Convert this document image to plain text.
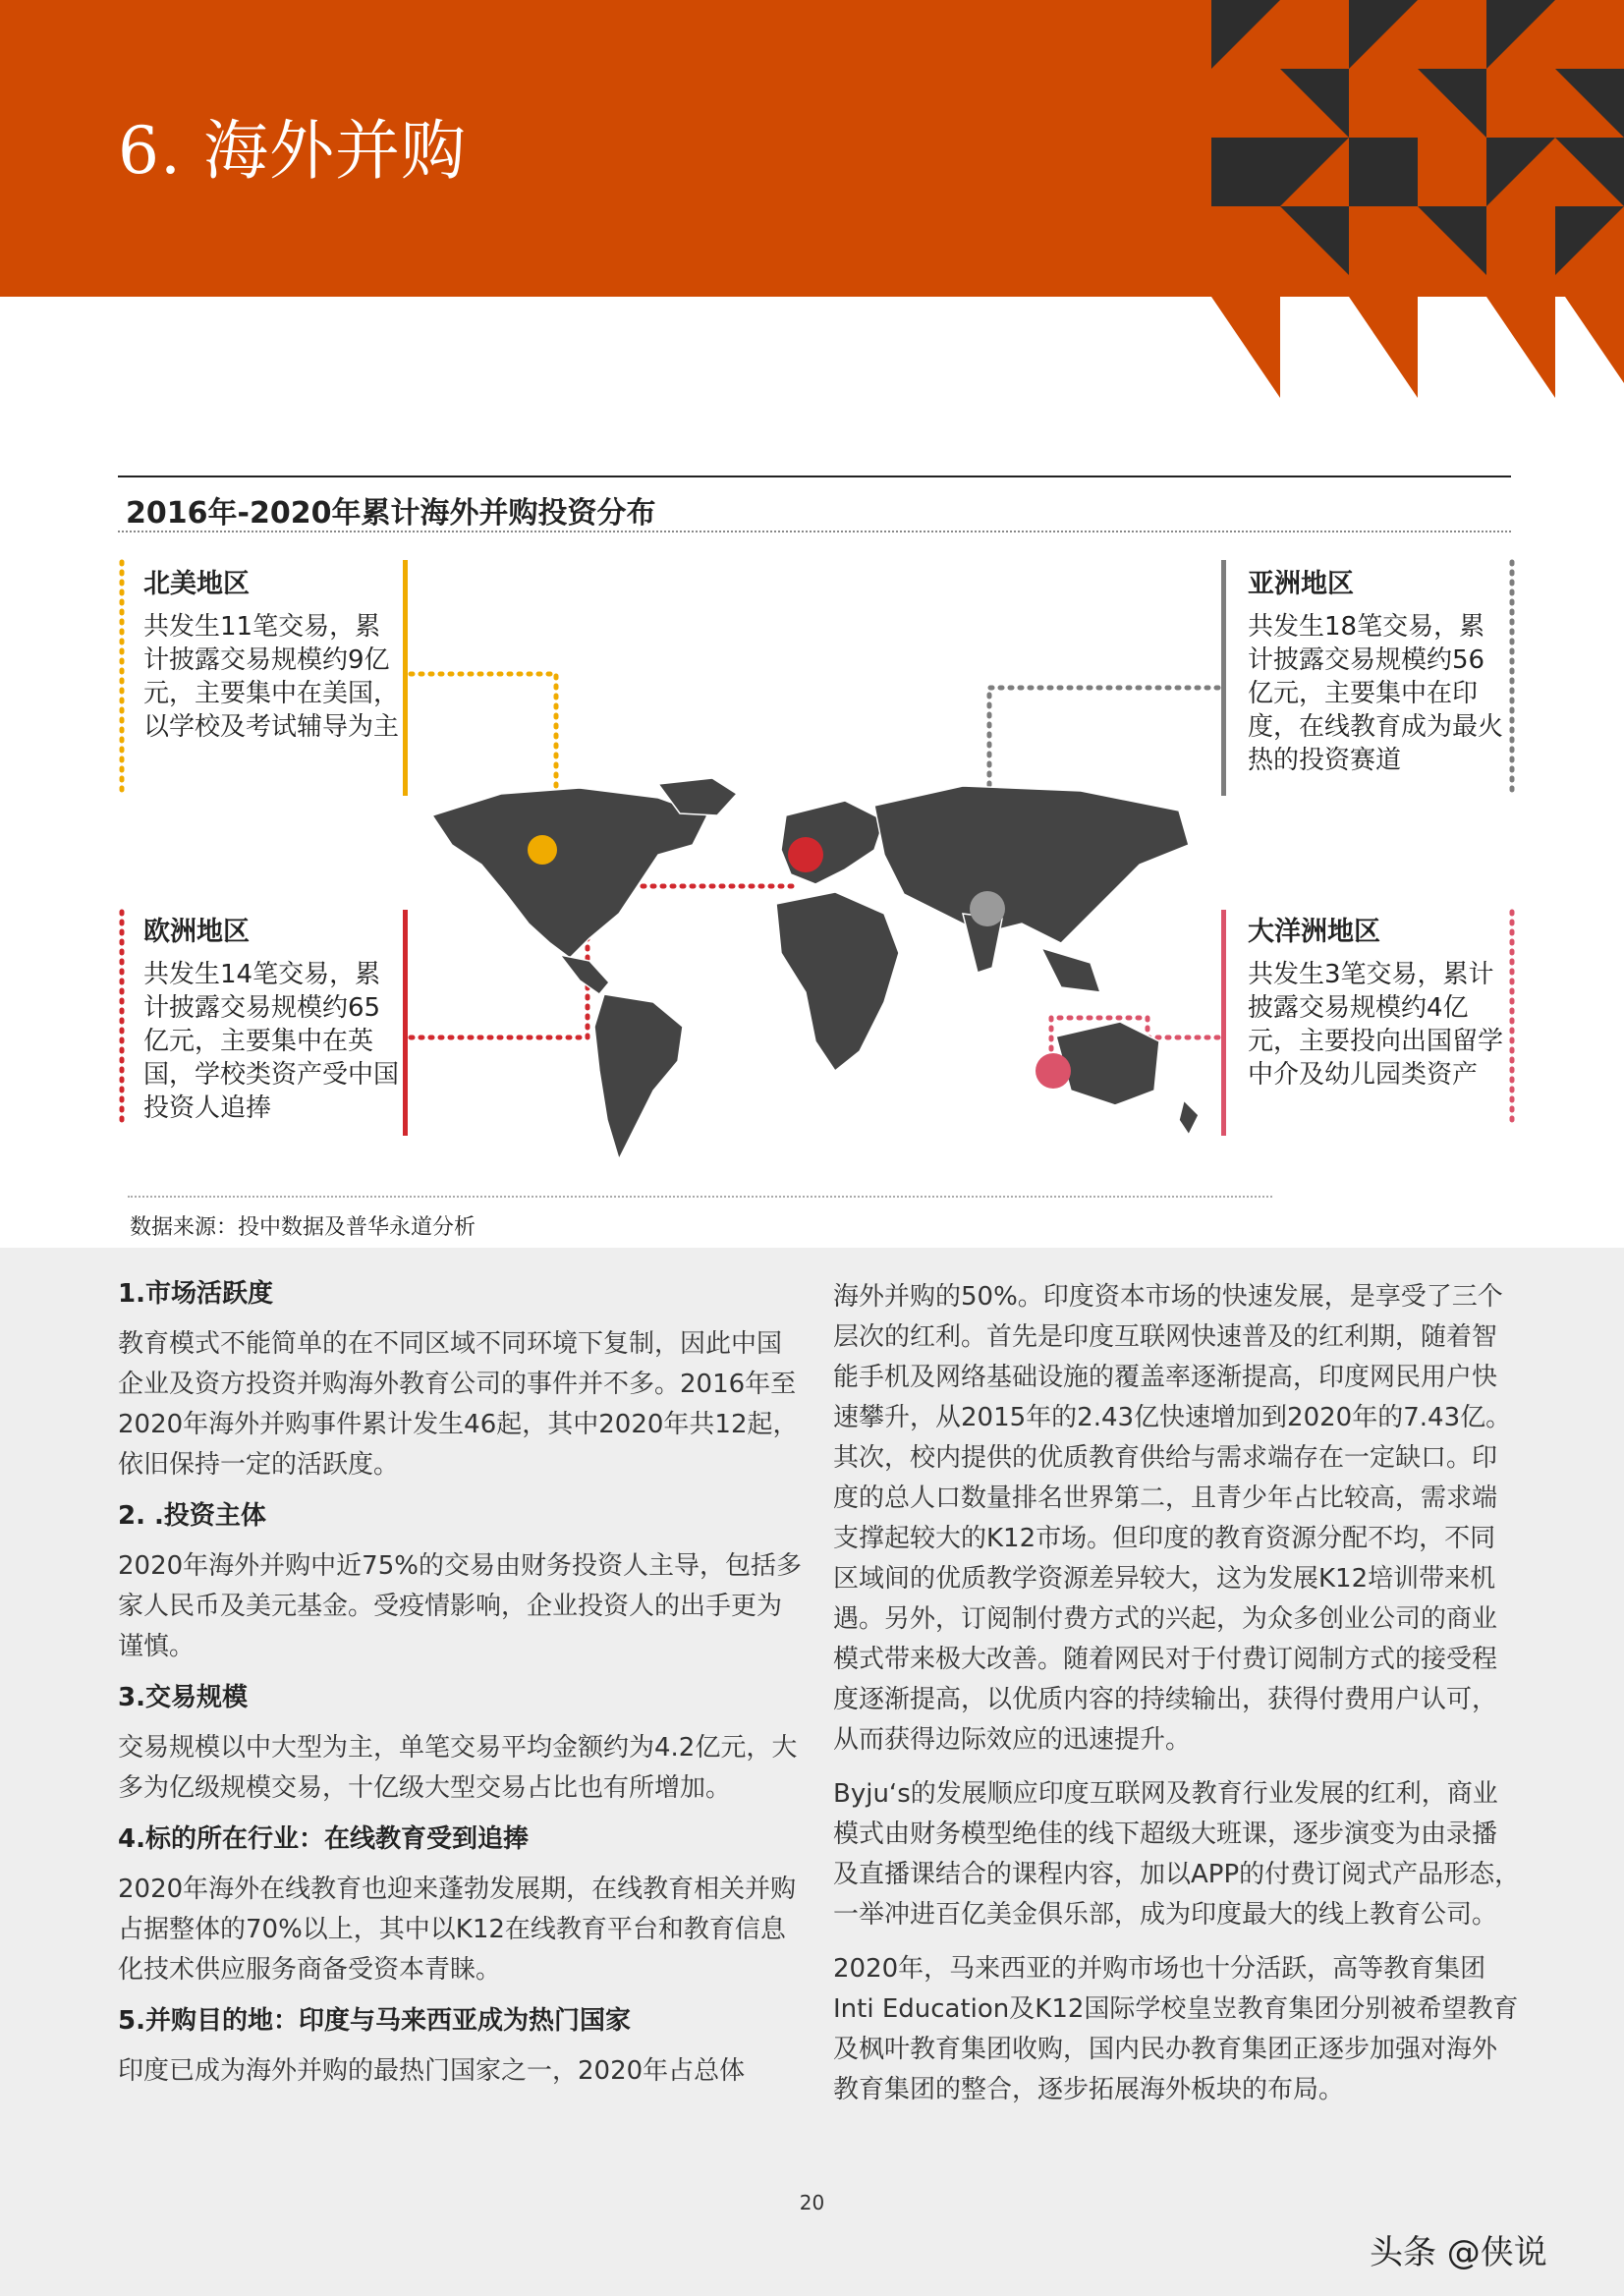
6. 海外并购
2016年-2020年累计海外并购投资分布
北美地区
共发生11笔交易，累计披露交易规模约9亿元，主要集中在美国，以学校及考试辅导为主
亚洲地区
共发生18笔交易，累计披露交易规模约56亿元，主要集中在印度，在线教育成为最火热的投资赛道
欧洲地区
共发生14笔交易，累计披露交易规模约65亿元，主要集中在英国，学校类资产受中国投资人追捧
大洋洲地区
共发生3笔交易，累计披露交易规模约4亿元，主要投向出国留学中介及幼儿园类资产
数据来源：投中数据及普华永道分析
1.市场活跃度

教育模式不能简单的在不同区域不同环境下复制，因此中国企业及资方投资并购海外教育公司的事件并不多。2016年至2020年海外并购事件累计发生46起，其中2020年共12起，依旧保持一定的活跃度。

2. .投资主体

2020年海外并购中近75%的交易由财务投资人主导，包括多家人民币及美元基金。受疫情影响，企业投资人的出手更为谨慎。

3.交易规模

交易规模以中大型为主，单笔交易平均金额约为4.2亿元，大多为亿级规模交易，十亿级大型交易占比也有所增加。

4.标的所在行业：在线教育受到追捧

2020年海外在线教育也迎来蓬勃发展期，在线教育相关并购占据整体的70%以上，其中以K12在线教育平台和教育信息化技术供应服务商备受资本青睐。

5.并购目的地：印度与马来西亚成为热门国家

印度已成为海外并购的最热门国家之一，2020年占总体

海外并购的50%。印度资本市场的快速发展，是享受了三个层次的红利。首先是印度互联网快速普及的红利期，随着智能手机及网络基础设施的覆盖率逐渐提高，印度网民用户快速攀升，从2015年的2.43亿快速增加到2020年的7.43亿。其次，校内提供的优质教育供给与需求端存在一定缺口。印度的总人口数量排名世界第二，且青少年占比较高，需求端支撑起较大的K12市场。但印度的教育资源分配不均，不同区域间的优质教学资源差异较大，这为发展K12培训带来机遇。另外，订阅制付费方式的兴起，为众多创业公司的商业模式带来极大改善。随着网民对于付费订阅制方式的接受程度逐渐提高，以优质内容的持续输出，获得付费用户认可，从而获得边际效应的迅速提升。

Byju‘s的发展顺应印度互联网及教育行业发展的红利，商业模式由财务模型绝佳的线下超级大班课，逐步演变为由录播及直播课结合的课程内容，加以APP的付费订阅式产品形态，一举冲进百亿美金俱乐部，成为印度最大的线上教育公司。

2020年，马来西亚的并购市场也十分活跃，高等教育集团Inti Education及K12国际学校皇岦教育集团分别被希望教育及枫叶教育集团收购，国内民办教育集团正逐步加强对海外教育集团的整合，逐步拓展海外板块的布局。

20
头条 @侠说
